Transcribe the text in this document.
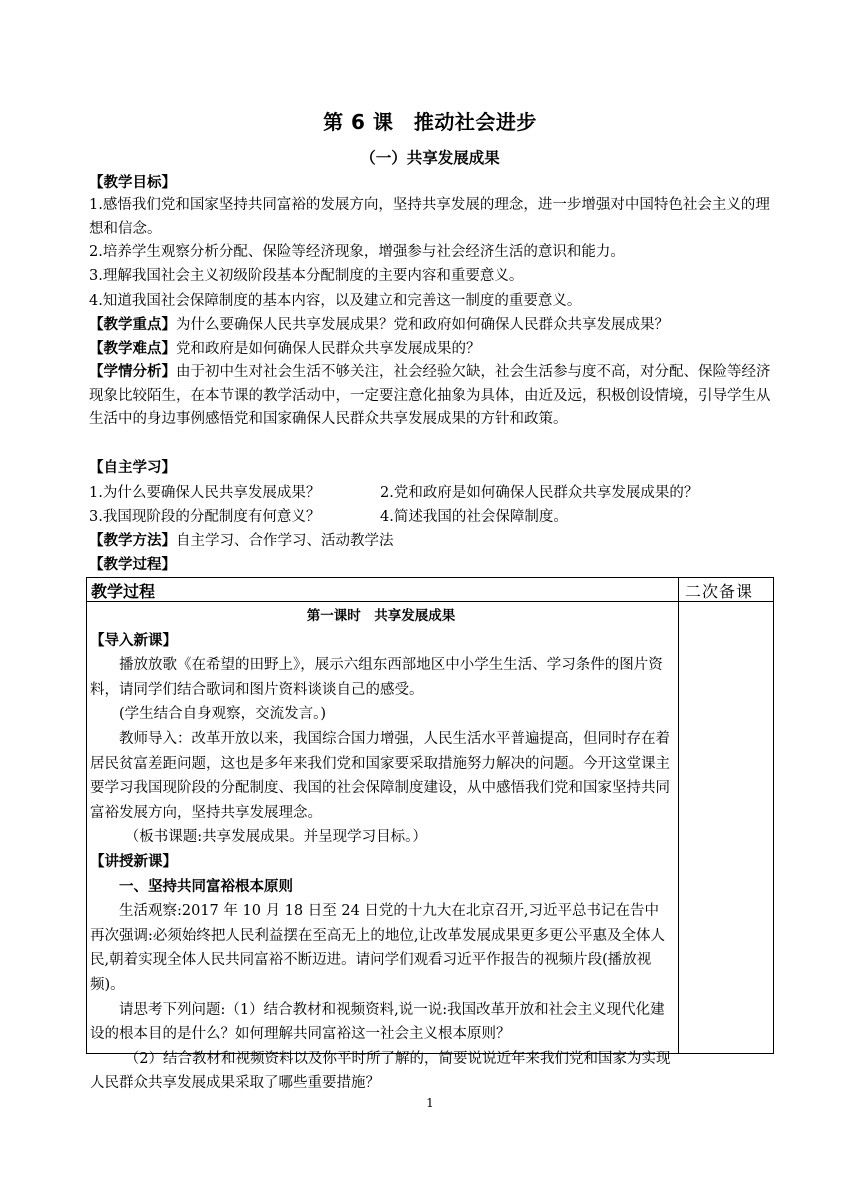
第 6 课　推动社会进步
（一）共享发展成果
【教学目标】
1.感悟我们党和国家坚持共同富裕的发展方向，坚持共享发展的理念，进一步增强对中国特色社会主义的理想和信念。
2.培养学生观察分析分配、保险等经济现象，增强参与社会经济生活的意识和能力。
3.理解我国社会主义初级阶段基本分配制度的主要内容和重要意义。
4.知道我国社会保障制度的基本内容，以及建立和完善这一制度的重要意义。
【教学重点】为什么要确保人民共享发展成果？党和政府如何确保人民群众共享发展成果？
【教学难点】党和政府是如何确保人民群众共享发展成果的？
【学情分析】由于初中生对社会生活不够关注，社会经验欠缺，社会生活参与度不高，对分配、保险等经济现象比较陌生，在本节课的教学活动中，一定要注意化抽象为具体，由近及远，积极创设情境，引导学生从生活中的身边事例感悟党和国家确保人民群众共享发展成果的方针和政策。
【自主学习】
1.为什么要确保人民共享发展成果？	2.党和政府是如何确保人民群众共享发展成果的？
3.我国现阶段的分配制度有何意义？	4.简述我国的社会保障制度。
【教学方法】自主学习、合作学习、活动教学法
【教学过程】
教学过程	二次备课

第一课时　共享发展成果

【导入新课】

播放放歌《在希望的田野上》，展示六组东西部地区中小学生生活、学习条件的图片资料，请同学们结合歌词和图片资料谈谈自己的感受。

(学生结合自身观察，交流发言。)

教师导入：改革开放以来，我国综合国力增强，人民生活水平普遍提高，但同时存在着居民贫富差距问题，这也是多年来我们党和国家要采取措施努力解决的问题。今开这堂课主要学习我国现阶段的分配制度、我国的社会保障制度建设，从中感悟我们党和国家坚持共同富裕发展方向，坚持共享发展理念。

（板书课题:共享发展成果。并呈现学习目标。）

【讲授新课】

一、坚持共同富裕根本原则

生活观察:2017 年 10 月 18 日至 24 日党的十九大在北京召开,习近平总书记在告中再次强调:必须始终把人民利益摆在至高无上的地位,让改革发展成果更多更公平惠及全体人民,朝着实现全体人民共同富裕不断迈进。请问学们观看习近平作报告的视频片段(播放视频)。

请思考下列问题:（1）结合教材和视频资料,说一说:我国改革开放和社会主义现代化建设的根本目的是什么？如何理解共同富裕这一社会主义根本原则？

（2）结合教材和视频资料以及你平时所了解的，简要说说近年来我们党和国家为实现人民群众共享发展成果采取了哪些重要措施？

1
